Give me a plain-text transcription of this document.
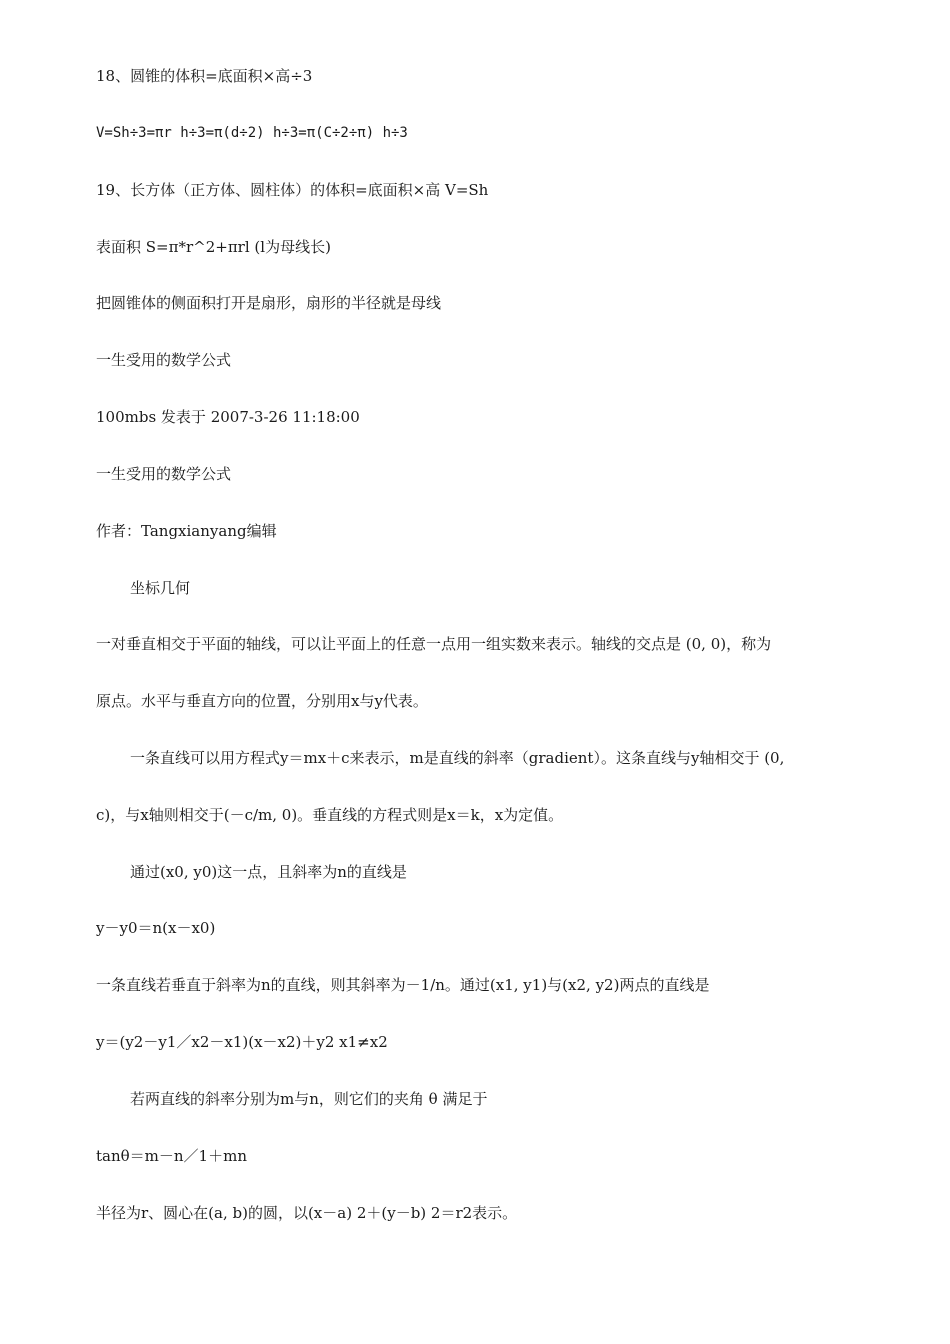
18、圆锥的体积=底面积×高÷3
V=Sh÷3=πr h÷3=π(d÷2) h÷3=π(C÷2÷π) h÷3
19、长方体（正方体、圆柱体）的体积=底面积×高 V=Sh
表面积 S=π*r^2+πrl (l为母线长)
把圆锥体的侧面积打开是扇形，扇形的半径就是母线
一生受用的数学公式
100mbs 发表于 2007-3-26 11:18:00
一生受用的数学公式
作者：Tangxianyang编辑
坐标几何
一对垂直相交于平面的轴线，可以让平面上的任意一点用一组实数来表示。轴线的交点是 (0, 0)，称为
原点。水平与垂直方向的位置，分别用x与y代表。
一条直线可以用方程式y＝mx＋c来表示，m是直线的斜率（gradient）。这条直线与y轴相交于 (0,
c)，与x轴则相交于(－c/m, 0)。垂直线的方程式则是x＝k，x为定值。
通过(x0, y0)这一点，且斜率为n的直线是
y－y0＝n(x－x0)
一条直线若垂直于斜率为n的直线，则其斜率为－1/n。通过(x1, y1)与(x2, y2)两点的直线是
y＝(y2－y1／x2－x1)(x－x2)＋y2 x1≠x2
若两直线的斜率分别为m与n，则它们的夹角 θ 满足于
tanθ＝m－n／1＋mn
半径为r、圆心在(a, b)的圆，以(x－a) 2＋(y－b) 2＝r2表示。
